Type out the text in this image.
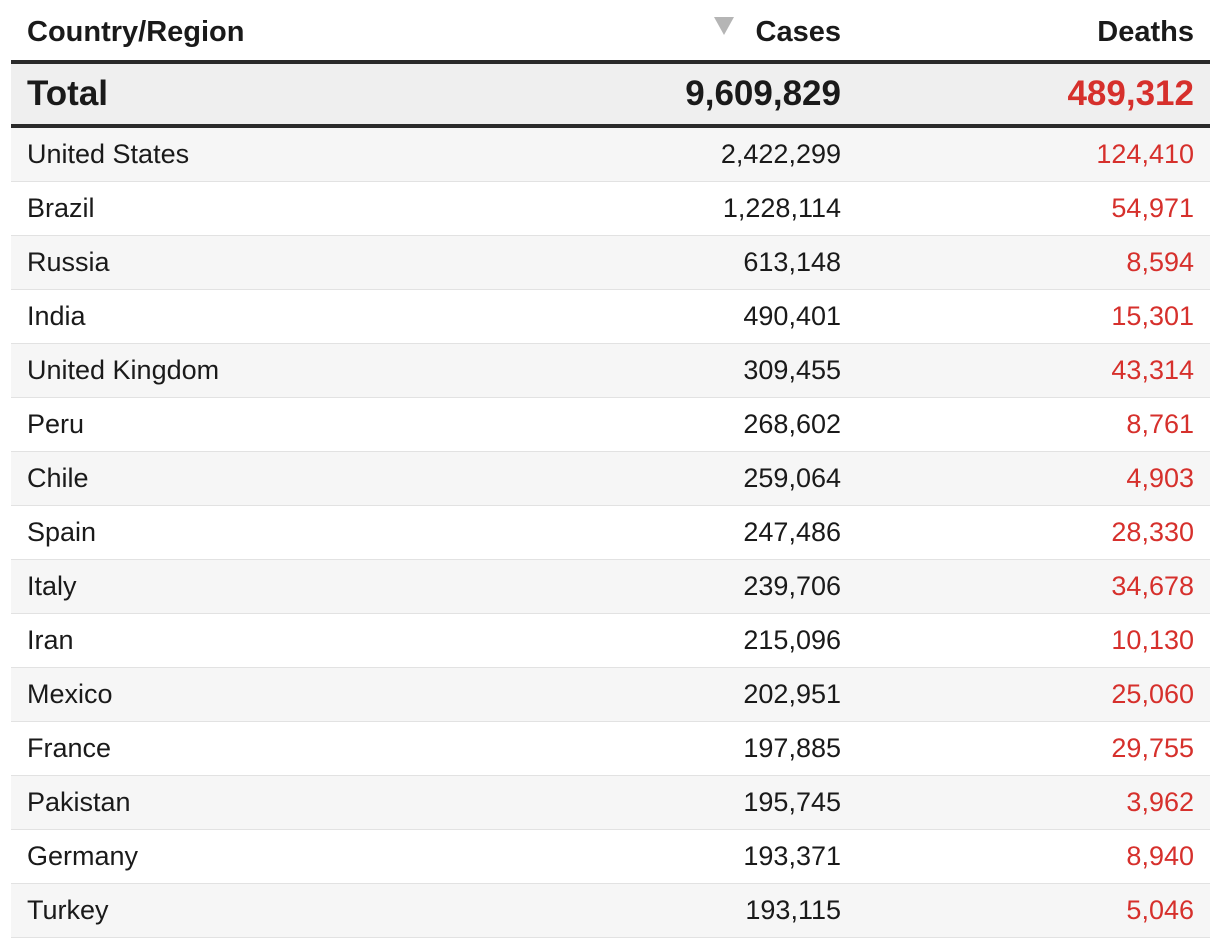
Country/Region	Cases	Deaths
Total	9,609,829	489,312
United States	2,422,299	124,410
Brazil	1,228,114	54,971
Russia	613,148	8,594
India	490,401	15,301
United Kingdom	309,455	43,314
Peru	268,602	8,761
Chile	259,064	4,903
Spain	247,486	28,330
Italy	239,706	34,678
Iran	215,096	10,130
Mexico	202,951	25,060
France	197,885	29,755
Pakistan	195,745	3,962
Germany	193,371	8,940
Turkey	193,115	5,046
